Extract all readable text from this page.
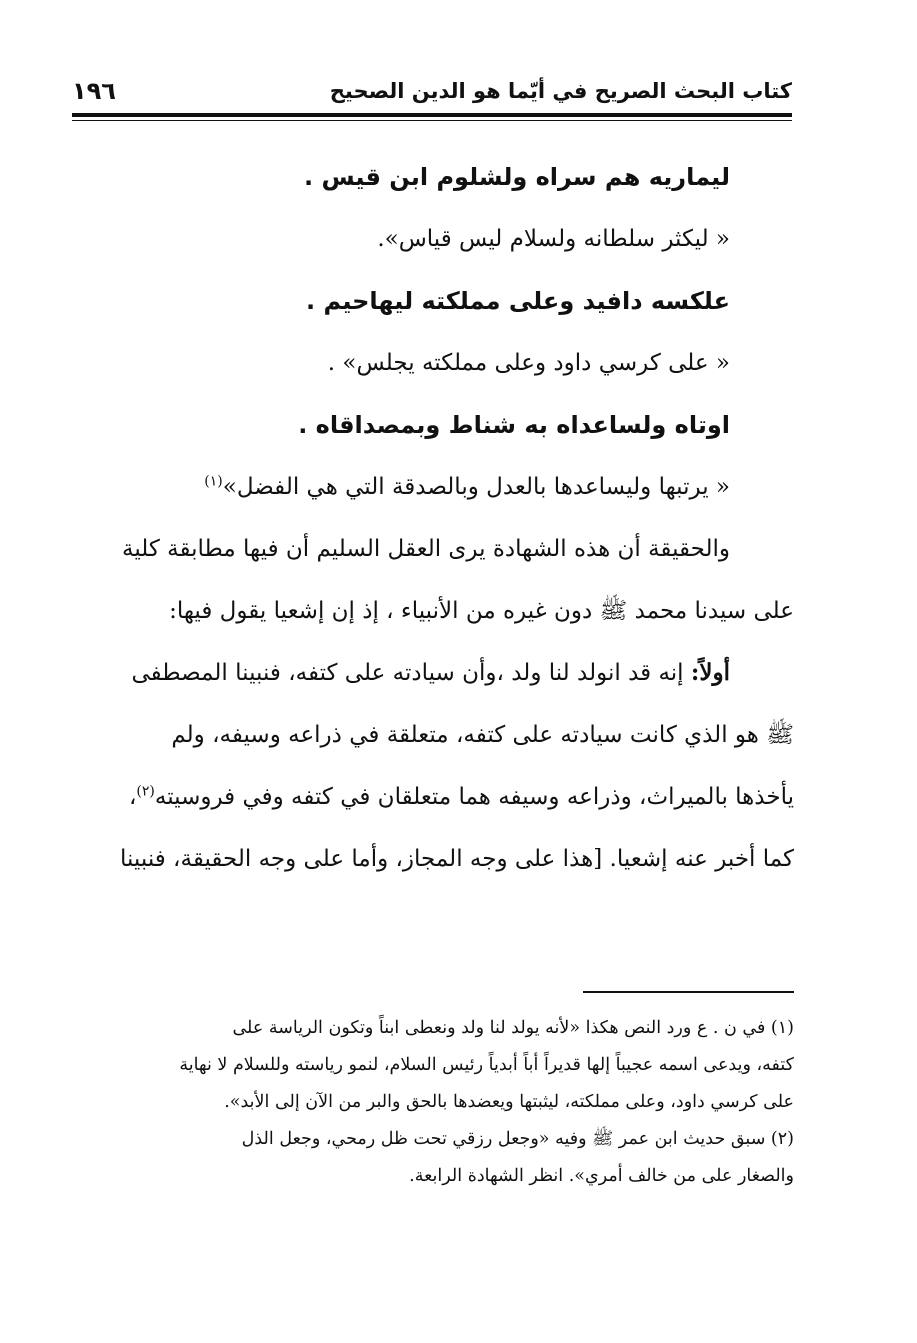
كتاب البحث الصريح في أيّما هو الدين الصحيح
١٩٦
ليماريه هم سراه ولشلوم ابن قيس .
« ليكثر سلطانه ولسلام ليس قياس».
علكسه دافيد وعلى مملكته ليهاحيم .
« على كرسي داود وعلى مملكته يجلس» .
اوتاه ولساعداه به شناط وبمصداقاه .
« يرتبها وليساعدها بالعدل وبالصدقة التي هي الفضل»$^{(١)}$
والحقيقة أن هذه الشهادة يرى العقل السليم أن فيها مطابقة كلية
على سيدنا محمد ﷺ دون غيره من الأنبياء ، إذ إن إشعيا يقول فيها:
أولاً: إنه قد انولد لنا ولد ،وأن سيادته على كتفه، فنبينا المصطفى
ﷺ هو الذي كانت سيادته على كتفه، متعلقة في ذراعه وسيفه، ولم
يأخذها بالميراث، وذراعه وسيفه هما متعلقان في كتفه وفي فروسيته$^{(٢)}$،
كما أخبر عنه إشعيا. [هذا على وجه المجاز، وأما على وجه الحقيقة، فنبينا
(١) في ن . ع ورد النص هكذا «لأنه يولد لنا ولد ونعطى ابناً وتكون الرياسة على
كتفه، ويدعى اسمه عجيباً إلها قديراً أباً أبدياً رئيس السلام، لنمو رياسته وللسلام لا نهاية
على كرسي داود، وعلى مملكته، ليثبتها ويعضدها بالحق والبر من الآن إلى الأبد».
(٢) سبق حديث ابن عمر ﷺ وفيه «وجعل رزقي تحت ظل رمحي، وجعل الذل
والصغار على من خالف أمري». انظر الشهادة الرابعة.
